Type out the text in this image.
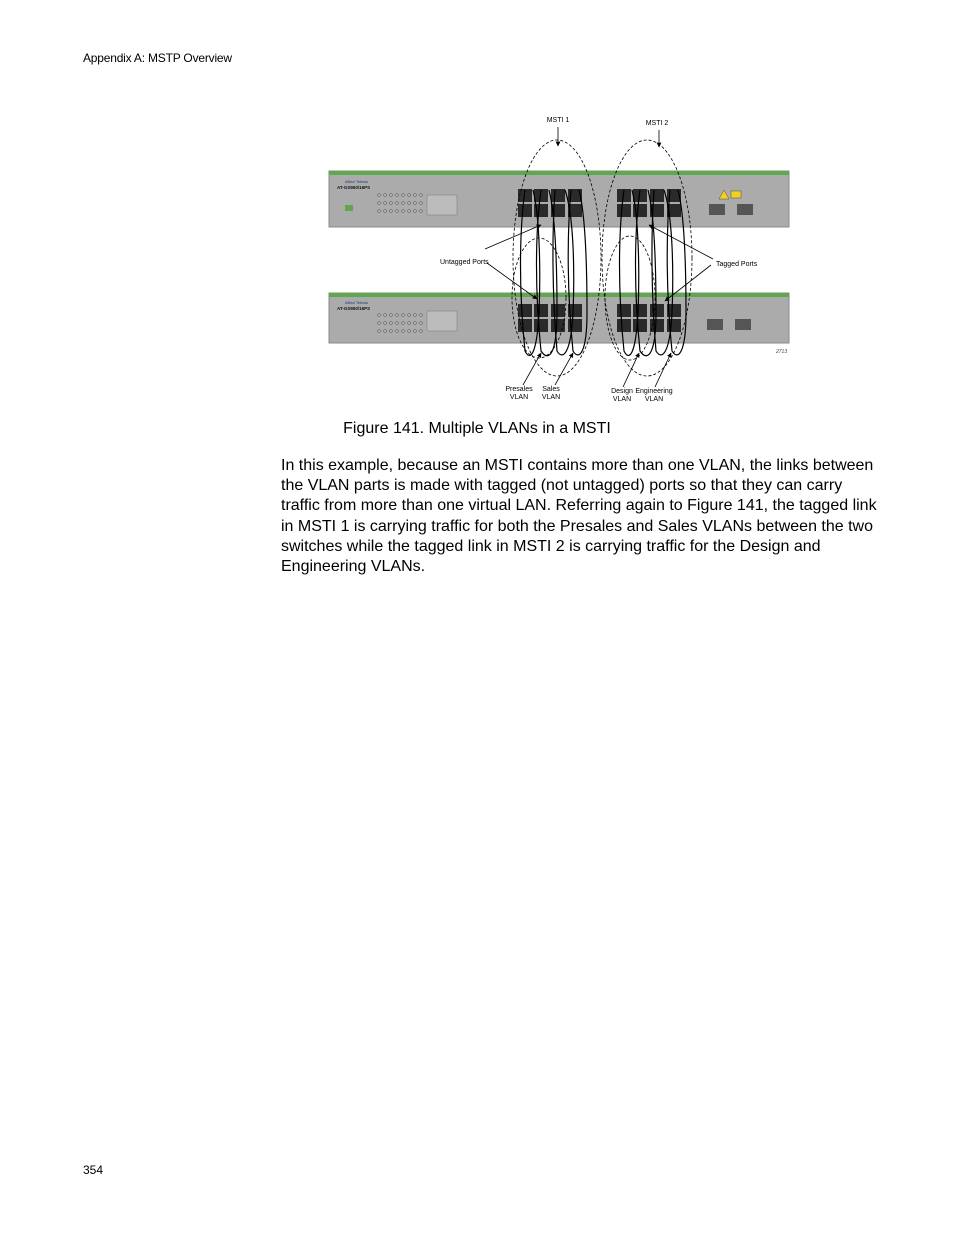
Appendix A: MSTP Overview
Allied Telesis
AT-GS950/16PS
Allied Telesis
AT-GS950/16PS
MSTI 1	MSTI 2
Untagged Ports	Tagged Ports
Presales
VLAN
Sales
VLAN
Design
VLAN
Engineering
VLAN
2713
Figure 141. Multiple VLANs in a MSTI

In this example, because an MSTI contains more than one VLAN, the links between the VLAN parts is made with tagged (not untagged) ports so that they can carry traffic from more than one virtual LAN. Referring again to Figure 141, the tagged link in MSTI 1 is carrying traffic for both the Presales and Sales VLANs between the two switches while the tagged link in MSTI 2 is carrying traffic for the Design and Engineering VLANs.

354
